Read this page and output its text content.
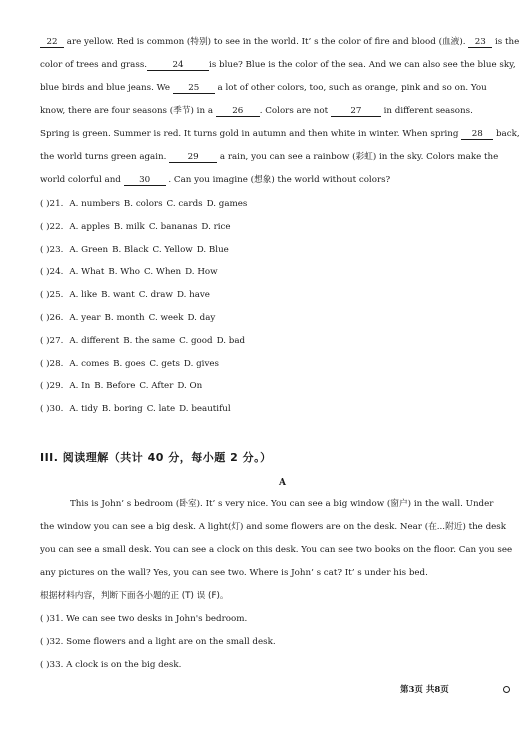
22 are yellow. Red is common (特别) to see in the world. It’ s the color of fire and blood (血液). 23 is the
color of trees and grass.	24	is blue? Blue is the color of the sea. And we can also see the blue sky,
blue birds and blue jeans. We 25 a lot of other colors, too, such as orange, pink and so on. You
know, there are four seasons (季节) in a 26 . Colors are not 27 in different seasons.
Spring is green. Summer is red. It turns gold in autumn and then white in winter. When spring 28 back,
the world turns green again. 29 a rain, you can see a rainbow (彩虹) in the sky. Colors make the
world colorful and 30 . Can you imagine (想象) the world without colors?
( )21. A. numbers B. colors C. cards D. games
( )22. A. apples B. milk C. bananas D. rice
( )23. A. Green B. Black C. Yellow D. Blue
( )24. A. What B. Who C. When D. How
( )25. A. like B. want C. draw D. have
( )26. A. year B. month C. week D. day
( )27. A. different B. the same C. good D. bad
( )28. A. comes B. goes C. gets D. gives
( )29. A. In B. Before C. After D. On
( )30. A. tidy B. boring C. late D. beautiful
III. 阅读理解（共计 40 分，每小题 2 分。）
A
This is John’ s bedroom (卧室). It’ s very nice. You can see a big window (窗户) in the wall. Under
the window you can see a big desk. A light(灯) and some flowers are on the desk. Near (在...附近) the desk
you can see a small desk. You can see a clock on this desk. You can see two books on the floor. Can you see
any pictures on the wall? Yes, you can see two. Where is John’ s cat? It’ s under his bed.
根据材料内容，判断下面各小题的正 (T) 误 (F)。
( )31. We can see two desks in John's bedroom.
( )32. Some flowers and a light are on the small desk.
( )33. A clock is on the big desk.
第3页 共8页
